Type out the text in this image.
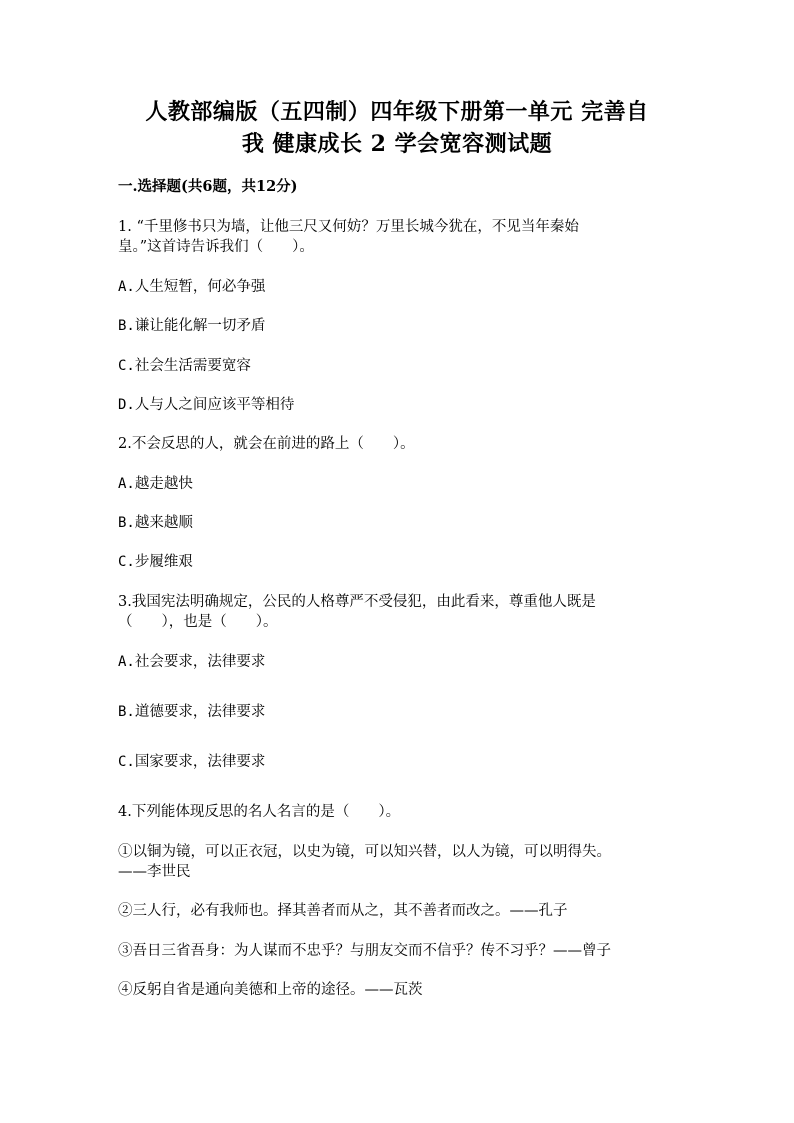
人教部编版（五四制）四年级下册第一单元 完善自
我 健康成长 2 学会宽容测试题
一.选择题(共6题，共12分)
1. “千里修书只为墙，让他三尺又何妨？万里长城今犹在，不见当年秦始
皇。”这首诗告诉我们（　　）。
A.人生短暂，何必争强
B.谦让能化解一切矛盾
C.社会生活需要宽容
D.人与人之间应该平等相待
2.不会反思的人，就会在前进的路上（　　）。
A.越走越快
B.越来越顺
C.步履维艰
3.我国宪法明确规定，公民的人格尊严不受侵犯，由此看来，尊重他人既是
（　　），也是（　　）。
A.社会要求，法律要求
B.道德要求，法律要求
C.国家要求，法律要求
4.下列能体现反思的名人名言的是（　　）。
①以铜为镜，可以正衣冠，以史为镜，可以知兴替，以人为镜，可以明得失。
——李世民
②三人行，必有我师也。择其善者而从之，其不善者而改之。——孔子
③吾日三省吾身：为人谋而不忠乎？与朋友交而不信乎？传不习乎？——曾子
④反躬自省是通向美德和上帝的途径。——瓦茨
